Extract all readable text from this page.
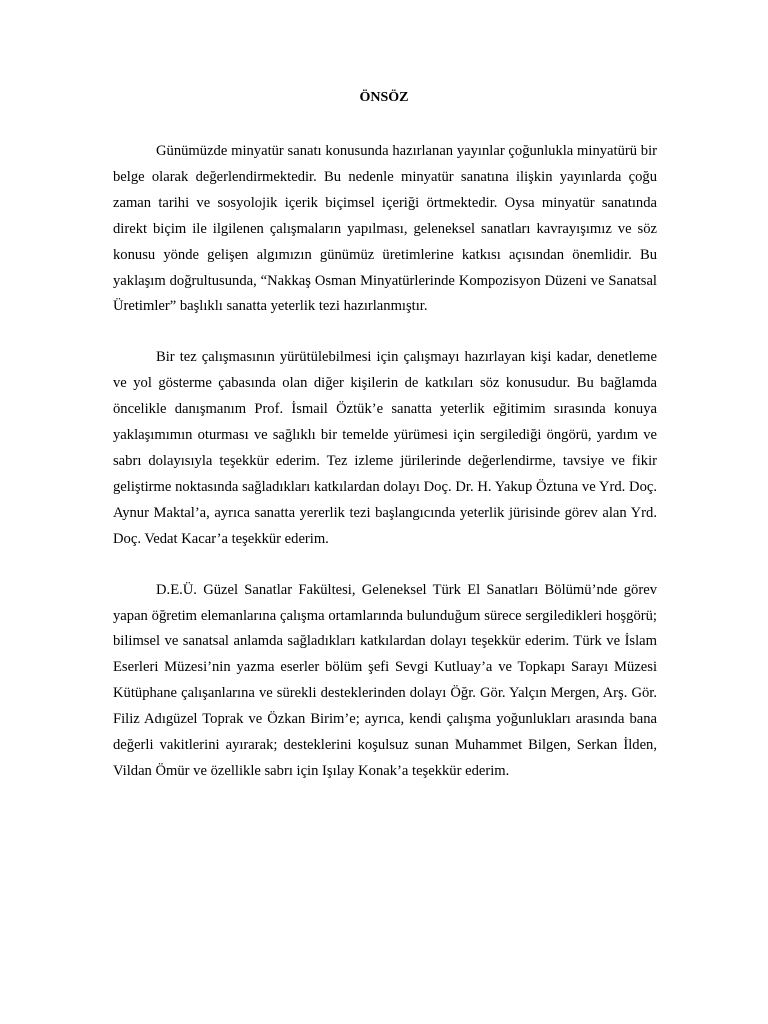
ÖNSÖZ

Günümüzde minyatür sanatı konusunda hazırlanan yayınlar çoğunlukla minyatürü bir belge olarak değerlendirmektedir. Bu nedenle minyatür sanatına ilişkin yayınlarda çoğu zaman tarihi ve sosyolojik içerik biçimsel içeriği örtmektedir. Oysa minyatür sanatında direkt biçim ile ilgilenen çalışmaların yapılması, geleneksel sanatları kavrayışımız ve söz konusu yönde gelişen algımızın günümüz üretimlerine katkısı açısından önemlidir. Bu yaklaşım doğrultusunda, “Nakkaş Osman Minyatürlerinde Kompozisyon Düzeni ve Sanatsal Üretimler” başlıklı sanatta yeterlik tezi hazırlanmıştır.

Bir tez çalışmasının yürütülebilmesi için çalışmayı hazırlayan kişi kadar, denetleme ve yol gösterme çabasında olan diğer kişilerin de katkıları söz konusudur. Bu bağlamda öncelikle danışmanım Prof. İsmail Öztük’e sanatta yeterlik eğitimim sırasında konuya yaklaşımımın oturması ve sağlıklı bir temelde yürümesi için sergilediği öngörü, yardım ve sabrı dolayısıyla teşekkür ederim. Tez izleme jürilerinde değerlendirme, tavsiye ve fikir geliştirme noktasında sağladıkları katkılardan dolayı Doç. Dr. H. Yakup Öztuna ve Yrd. Doç. Aynur Maktal’a, ayrıca sanatta yererlik tezi başlangıcında yeterlik jürisinde görev alan Yrd. Doç. Vedat Kacar’a teşekkür ederim.

D.E.Ü. Güzel Sanatlar Fakültesi, Geleneksel Türk El Sanatları Bölümü’nde görev yapan öğretim elemanlarına çalışma ortamlarında bulunduğum sürece sergiledikleri hoşgörü; bilimsel ve sanatsal anlamda sağladıkları katkılardan dolayı teşekkür ederim. Türk ve İslam Eserleri Müzesi’nin yazma eserler bölüm şefi Sevgi Kutluay’a ve Topkapı Sarayı Müzesi Kütüphane çalışanlarına ve sürekli desteklerinden dolayı Öğr. Gör. Yalçın Mergen, Arş. Gör. Filiz Adıgüzel Toprak ve Özkan Birim’e; ayrıca, kendi çalışma yoğunlukları arasında bana değerli vakitlerini ayırarak; desteklerini koşulsuz sunan Muhammet Bilgen, Serkan İlden, Vildan Ömür ve özellikle sabrı için Işılay Konak’a teşekkür ederim.
